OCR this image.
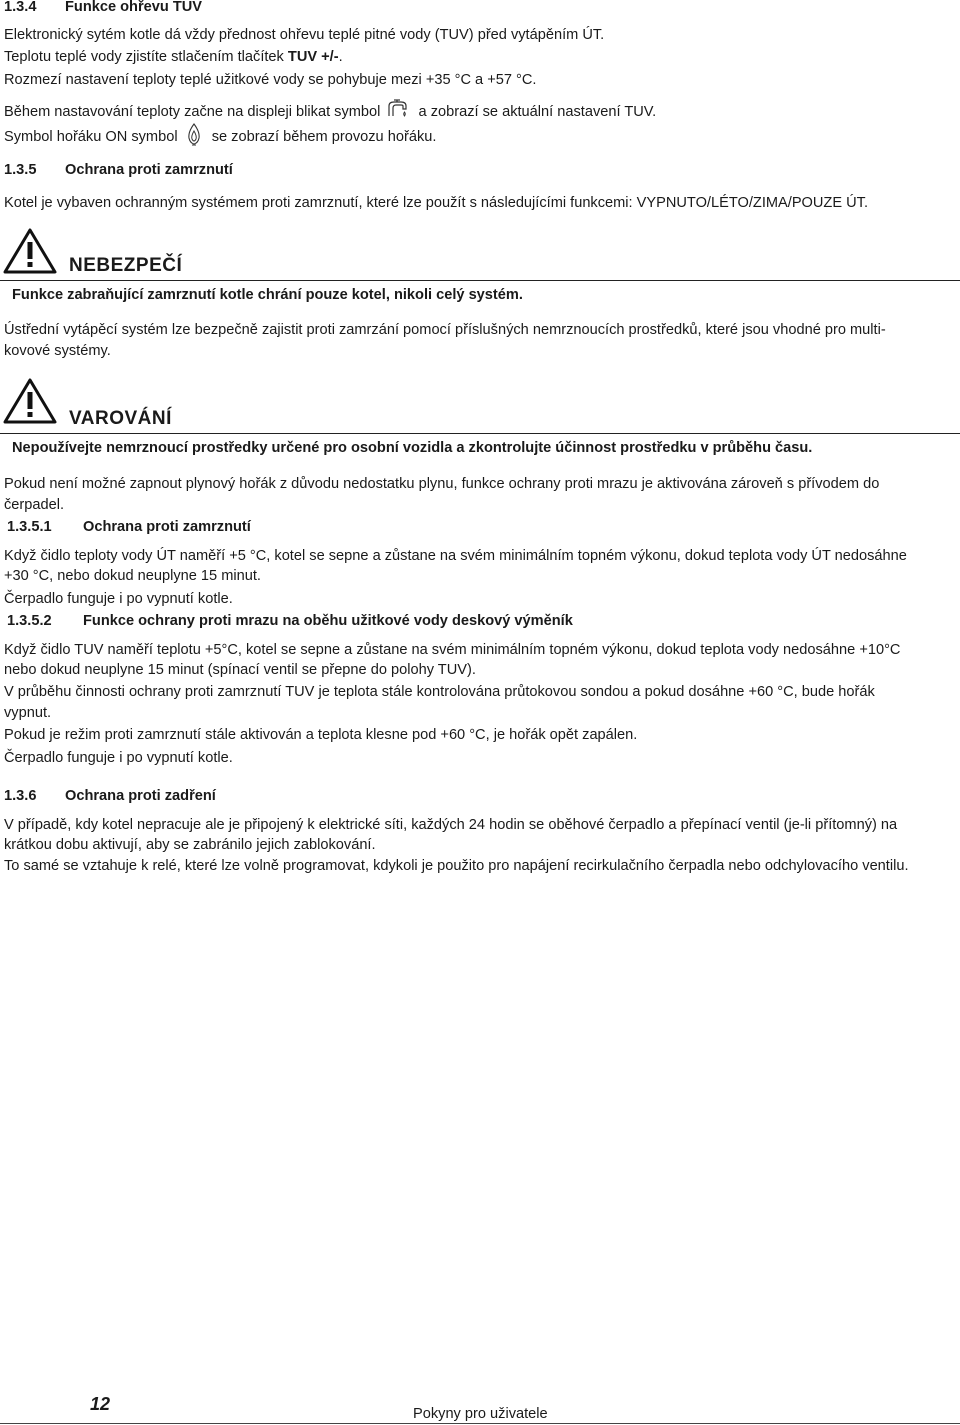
1.3.4 Funkce ohřevu TUV
Elektronický sytém kotle dá vždy přednost ohřevu teplé pitné vody (TUV) před vytápěním ÚT.
Teplotu teplé vody zjistíte stlačením tlačítek TUV +/-.
Rozmezí nastavení teploty teplé užitkové vody se pohybuje mezi +35 °C a +57 °C.
Během nastavování teploty začne na displeji blikat symbol	a zobrazí se aktuální nastavení TUV.
Symbol hořáku ON symbol se zobrazí během provozu hořáku.
1.3.5 Ochrana proti zamrznutí
Kotel je vybaven ochranným systémem proti zamrznutí, které lze použít s následujícími funkcemi: VYPNUTO/LÉTO/ZIMA/POUZE ÚT.
NEBEZPEČÍ
Funkce zabraňující zamrznutí kotle chrání pouze kotel, nikoli celý systém.
Ústřední vytápěcí systém lze bezpečně zajistit proti zamrzání pomocí příslušných nemrznoucích prostředků, které jsou vhodné pro multi-
kovové systémy.
VAROVÁNÍ
Nepoužívejte nemrznoucí prostředky určené pro osobní vozidla a zkontrolujte účinnost prostředku v průběhu času.
Pokud není možné zapnout plynový hořák z důvodu nedostatku plynu, funkce ochrany proti mrazu je aktivována zároveň s přívodem do
čerpadel.
1.3.5.1 Ochrana proti zamrznutí
Když čidlo teploty vody ÚT naměří +5 °C, kotel se sepne a zůstane na svém minimálním topném výkonu, dokud teplota vody ÚT nedosáhne
+30 °C, nebo dokud neuplyne 15 minut.
Čerpadlo funguje i po vypnutí kotle.
1.3.5.2 Funkce ochrany proti mrazu na oběhu užitkové vody deskový výměník
Když čidlo TUV naměří teplotu +5°C, kotel se sepne a zůstane na svém minimálním topném výkonu, dokud teplota vody nedosáhne +10°C
nebo dokud neuplyne 15 minut (spínací ventil se přepne do polohy TUV).
V průběhu činnosti ochrany proti zamrznutí TUV je teplota stále kontrolována průtokovou sondou a pokud dosáhne +60 °C, bude hořák
vypnut.
Pokud je režim proti zamrznutí stále aktivován a teplota klesne pod +60 °C, je hořák opět zapálen.
Čerpadlo funguje i po vypnutí kotle.
1.3.6 Ochrana proti zadření
V případě, kdy kotel nepracuje ale je připojený k elektrické síti, každých 24 hodin se oběhové čerpadlo a přepínací ventil (je-li přítomný) na
krátkou dobu aktivují, aby se zabránilo jejich zablokování.
To samé se vztahuje k relé, které lze volně programovat, kdykoli je použito pro napájení recirkulačního čerpadla nebo odchylovacího ventilu.
12	Pokyny pro uživatele
